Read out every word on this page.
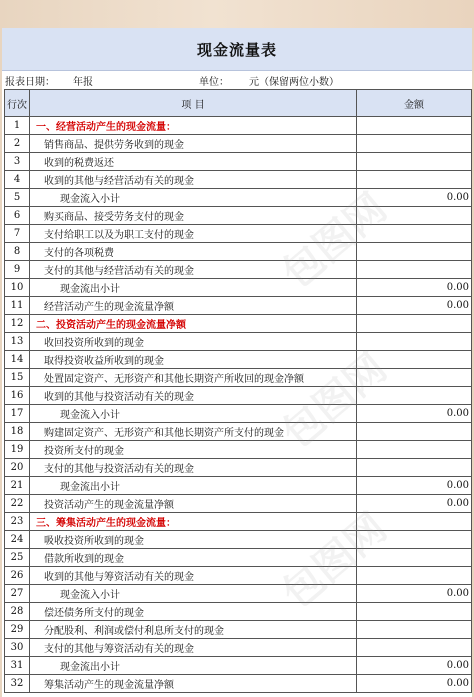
现金流量表
报表日期：	年报	单位：	元（保留两位小数）
行次	项 目	金额
1	一、经营活动产生的现金流量：	
2	销售商品、提供劳务收到的现金	
3	收到的税费返还	
4	收到的其他与经营活动有关的现金	
5	现金流入小计	0.00
6	购买商品、接受劳务支付的现金	
7	支付给职工以及为职工支付的现金	
8	支付的各项税费	
9	支付的其他与经营活动有关的现金	
10	现金流出小计	0.00
11	经营活动产生的现金流量净额	0.00
12	二、投资活动产生的现金流量净额	
13	收回投资所收到的现金	
14	取得投资收益所收到的现金	
15	处置固定资产、无形资产和其他长期资产所收回的现金净额	
16	收到的其他与投资活动有关的现金	
17	现金流入小计	0.00
18	购建固定资产、无形资产和其他长期资产所支付的现金	
19	投资所支付的现金	
20	支付的其他与投资活动有关的现金	
21	现金流出小计	0.00
22	投资活动产生的现金流量净额	0.00
23	三、筹集活动产生的现金流量：	
24	吸收投资所收到的现金	
25	借款所收到的现金	
26	收到的其他与筹资活动有关的现金	
27	现金流入小计	0.00
28	偿还债务所支付的现金	
29	分配股利、利润或偿付利息所支付的现金	
30	支付的其他与筹资活动有关的现金	
31	现金流出小计	0.00
32	筹集活动产生的现金流量净额	0.00
